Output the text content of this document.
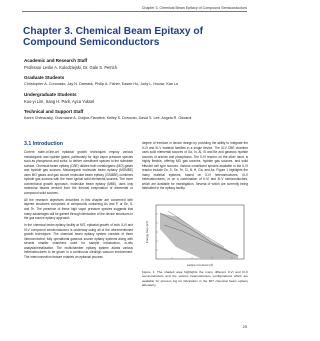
Chapter 3. Chemical Beam Epitaxy of Compound Semiconductors
Chapter 3. Chemical Beam Epitaxy of Compound Semiconductors
Academic and Research Staff
Professor Leslie A. Kolodziejski, Dr. Gale S. Petrich
Graduate Students
Christopher A. Coronado, Jay N. Damask, Philip A. Fisher, Easen Ho, Jody L. House, Kan Lu
Undergraduate Students
Kuo-yi Lim, Sang H. Park, Ayca Yuksel
Technical and Support Staff
Karen Chenausky, Charmaine A. Cudjoe-Flanders, Kelley S. Donovan, David S. Lee, Angela R. Odoardi
3.1 Introduction

Current state-of-the-art epitaxial growth techniques employ various metalorganic and hydride gases, particularly for high vapor pressure species such as phosphorus and sulfur, to deliver constituent species to the substrate surface. Chemical beam epitaxy (CBE) utilizes both metalorganic (MO) gases and hydride gas sources. Metalorganic molecular beam epitaxy (MOMBE) uses MO gases and gas source molecular beam epitaxy (GSMBE) combines hydride gas sources with the more typical solid elemental sources. The more conventional growth approach, molecular beam epitaxy (MBE), uses only molecular beams derived from the thermal evaporation of elemental or compound solid sources.

All the research objectives described in this chapter are concerned with layered structures composed of compounds containing As and P, or Se, S, and Te. The presence of these high vapor pressure species suggests that many advantages will be gained through fabrication of the device structures in the gas source epitaxy approach.

In the chemical beam epitaxy facility at MIT, epitaxial growth of both II-VI and III-V compound semiconductors is underway using all of the aforementioned growth techniques. The chemical beam epitaxy system consists of three interconnected, fully operational gaseous source epitaxy systems along with several smaller chambers used for sample introduction, in-situ analysis/metalization. The multichamber epitaxy system allows various heterostructures to be grown in a continuous ultrahigh vacuum environment. The interconnection feature enables an epitaxial process

degree of freedom in device design by providing the ability to integrate the II-VI and III-V material families in a single device. The III-V CBE chamber uses solid elemental sources of Ga, In, Al, Si and Be and gaseous hydride sources of arsenic and phosphorus. The II-VI reactor, on the other hand, is highly flexible, offering MO gas sources, hydride gas sources, and solid effusion cell type sources. Various constituent species available in the II-VI reactor include Zn, S, Se, Te, Cl, N, H, Ga, and As. Figure 1 highlights the many material systems, based on II-VI heterostructures, III-V heterostructures, or on a combination of II-VI and III-V semiconductors, which are available for investigation. Several of which are currently being fabricated in the epitaxy facility.

Energy Gap (eV)
Lattice Constant (Å)
Figure 1. The shaded area highlights the many different II-VI and III-V semiconductors and the various heterostructure configurations which are available for process ing for fabrication in the MIT chemical beam epitaxy laboratory.
25
